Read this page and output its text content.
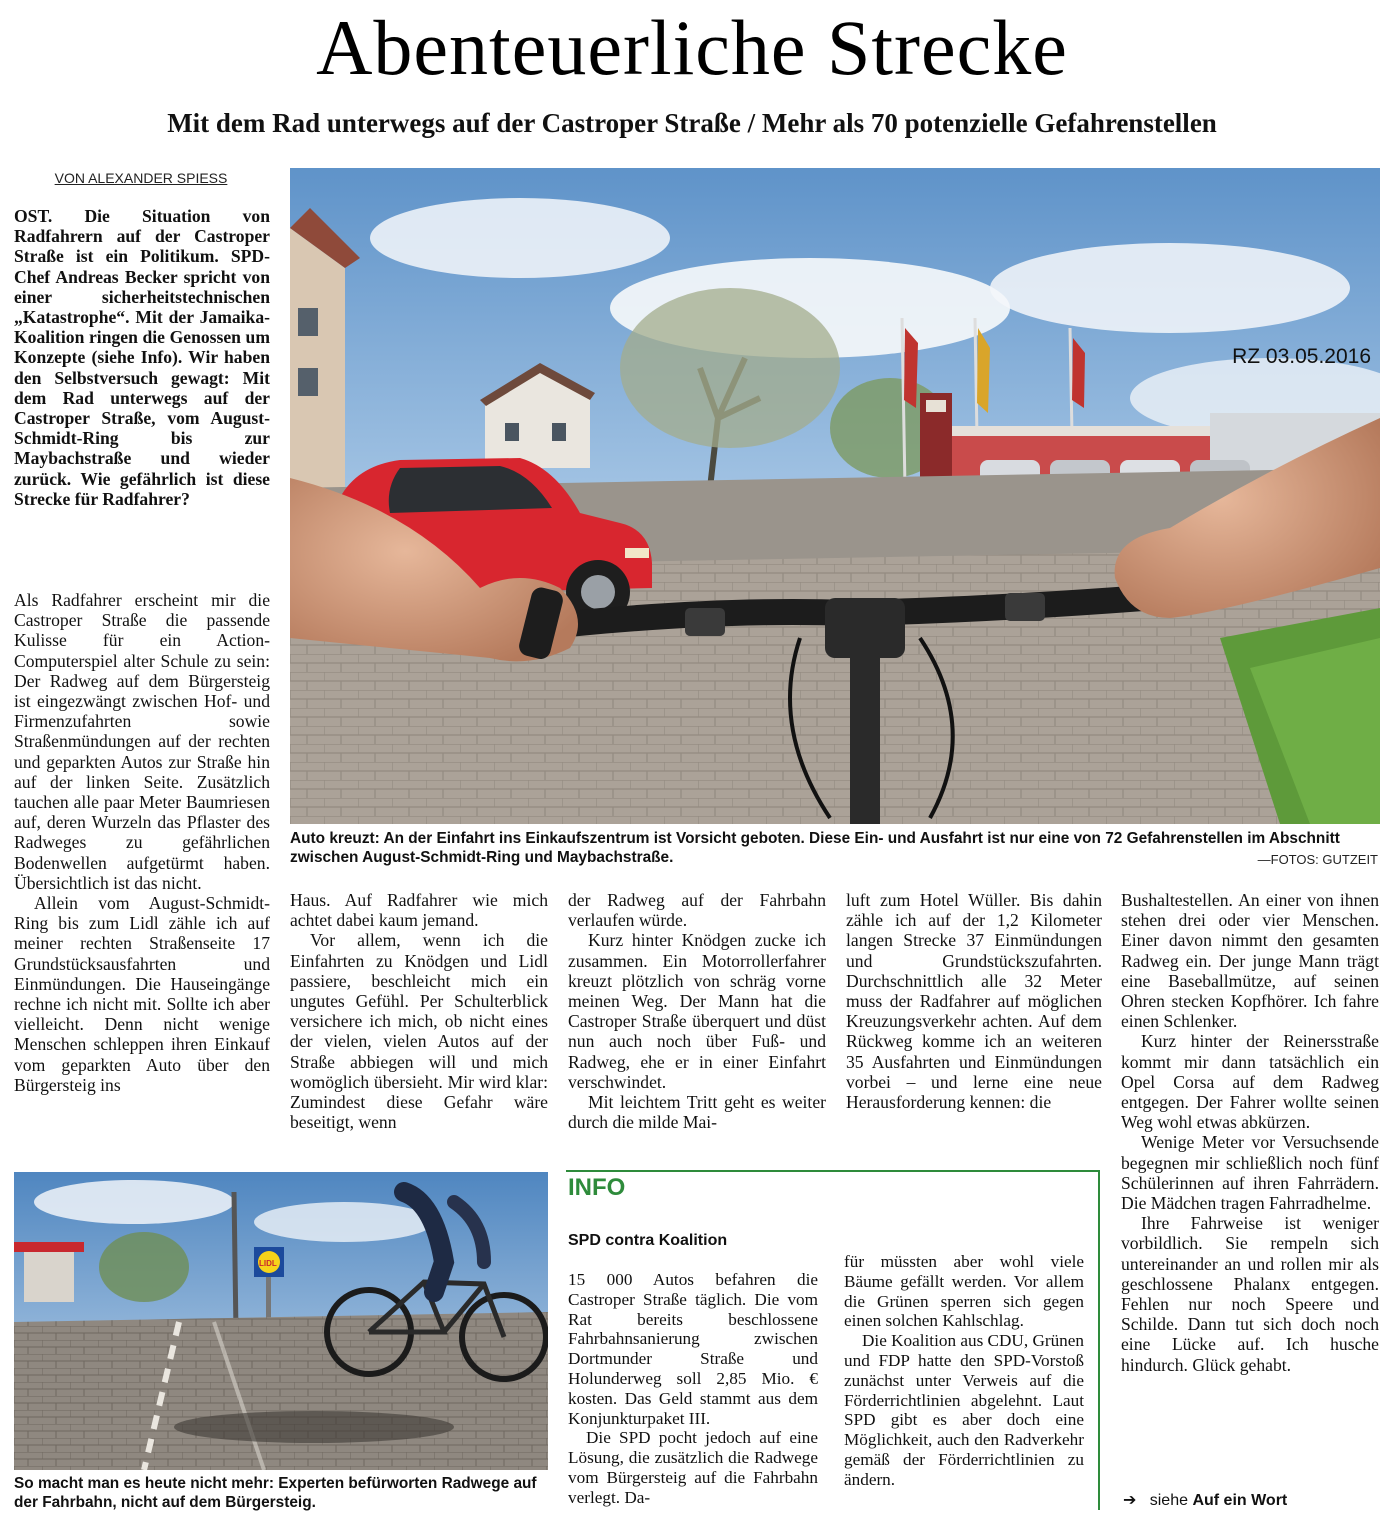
Abenteuerliche Strecke
Mit dem Rad unterwegs auf der Castroper Straße / Mehr als 70 potenzielle Gefahrenstellen
VON ALEXANDER SPIESS
OST. Die Situation von Radfahrern auf der Castroper Straße ist ein Politikum. SPD-Chef Andreas Becker spricht von einer sicherheitstechnischen „Katastrophe“. Mit der Jamaika-Koalition ringen die Genossen um Konzepte (siehe Info). Wir haben den Selbstversuch gewagt: Mit dem Rad unterwegs auf der Castroper Straße, vom August-Schmidt-Ring bis zur Maybachstraße und wieder zurück. Wie gefährlich ist diese Strecke für Radfahrer?
RZ 03.05.2016
Auto kreuzt: An der Einfahrt ins Einkaufszentrum ist Vorsicht geboten. Diese Ein- und Ausfahrt ist nur eine von 72 Gefahrenstellen im Abschnitt zwischen August-Schmidt-Ring und Maybachstraße.	—FOTOS: GUTZEIT

Als Radfahrer erscheint mir die Castroper Straße die passende Kulisse für ein Action-Computerspiel alter Schule zu sein: Der Radweg auf dem Bürgersteig ist eingezwängt zwischen Hof- und Firmenzufahrten sowie Straßenmündungen auf der rechten und geparkten Autos zur Straße hin auf der linken Seite. Zusätzlich tauchen alle paar Meter Baumriesen auf, deren Wurzeln das Pflaster des Radweges zu gefährlichen Bodenwellen aufgetürmt haben. Übersichtlich ist das nicht.

Allein vom August-Schmidt-Ring bis zum Lidl zähle ich auf meiner rechten Straßenseite 17 Grundstücksausfahrten und Einmündungen. Die Hauseingänge rechne ich nicht mit. Sollte ich aber vielleicht. Denn nicht wenige Menschen schleppen ihren Einkauf vom geparkten Auto über den Bürgersteig ins

Haus. Auf Radfahrer wie mich achtet dabei kaum jemand.

Vor allem, wenn ich die Einfahrten zu Knödgen und Lidl passiere, beschleicht mich ein ungutes Gefühl. Per Schulterblick versichere ich mich, ob nicht eines der vielen, vielen Autos auf der Straße abbiegen will und mich womöglich übersieht. Mir wird klar: Zumindest diese Gefahr wäre beseitigt, wenn

der Radweg auf der Fahrbahn verlaufen würde.

Kurz hinter Knödgen zucke ich zusammen. Ein Motorrollerfahrer kreuzt plötzlich von schräg vorne meinen Weg. Der Mann hat die Castroper Straße überquert und düst nun auch noch über Fuß- und Radweg, ehe er in einer Einfahrt verschwindet.

Mit leichtem Tritt geht es weiter durch die milde Mai-

luft zum Hotel Wüller. Bis dahin zähle ich auf der 1,2 Kilometer langen Strecke 37 Einmündungen und Grundstückszufahrten. Durchschnittlich alle 32 Meter muss der Radfahrer auf möglichen Kreuzungsverkehr achten. Auf dem Rückweg komme ich an weiteren 35 Ausfahrten und Einmündungen vorbei – und lerne eine neue Herausforderung kennen: die

Bushaltestellen. An einer von ihnen stehen drei oder vier Menschen. Einer davon nimmt den gesamten Radweg ein. Der junge Mann trägt eine Baseballmütze, auf seinen Ohren stecken Kopfhörer. Ich fahre einen Schlenker.

Kurz hinter der Reinersstraße kommt mir dann tatsächlich ein Opel Corsa auf dem Radweg entgegen. Der Fahrer wollte seinen Weg wohl etwas abkürzen.

Wenige Meter vor Versuchsende begegnen mir schließlich noch fünf Schülerinnen auf ihren Fahrrädern. Die Mädchen tragen Fahrradhelme.

Ihre Fahrweise ist weniger vorbildlich. Sie rempeln sich untereinander an und rollen mir als geschlossene Phalanx entgegen. Fehlen nur noch Speere und Schilde. Dann tut sich doch noch eine Lücke auf. Ich husche hindurch. Glück gehabt.

LIDL
So macht man es heute nicht mehr: Experten befürworten Radwege auf der Fahrbahn, nicht auf dem Bürgersteig.
INFO
SPD contra Koalition

15 000 Autos befahren die Castroper Straße täglich. Die vom Rat bereits beschlossene Fahrbahnsanierung zwischen Dortmunder Straße und Holunderweg soll 2,85 Mio. € kosten. Das Geld stammt aus dem Konjunkturpaket III.

Die SPD pocht jedoch auf eine Lösung, die zusätzlich die Radwege vom Bürgersteig auf die Fahrbahn verlegt. Da-

für müssten aber wohl viele Bäume gefällt werden. Vor allem die Grünen sperren sich gegen einen solchen Kahlschlag.

Die Koalition aus CDU, Grünen und FDP hatte den SPD-Vorstoß zunächst unter Verweis auf die Förderrichtlinien abgelehnt. Laut SPD gibt es aber doch eine Möglichkeit, auch den Radverkehr gemäß der Förderrichtlinien zu ändern.

➔ siehe Auf ein Wort
